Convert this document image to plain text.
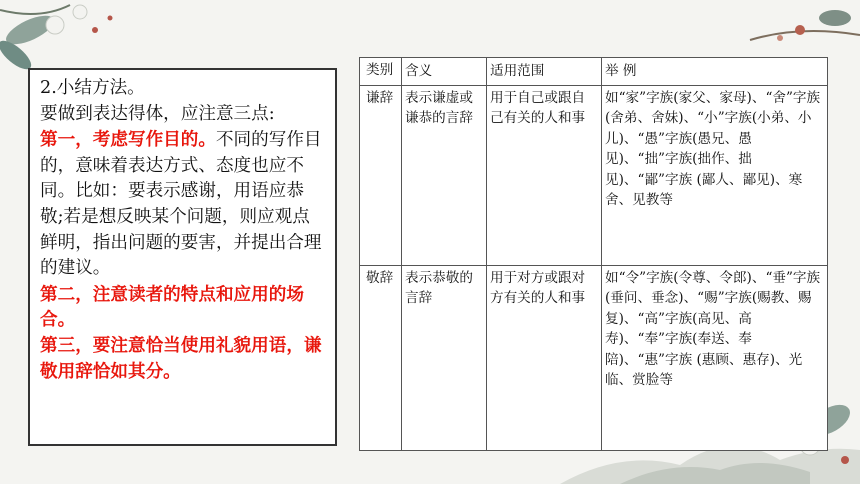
2.小结方法。

要做到表达得体，应注意三点:

第一，考虑写作目的。不同的写作目的，意味着表达方式、态度也应不同。比如：要表示感谢，用语应恭敬;若是想反映某个问题，则应观点鲜明，指出问题的要害，并提出合理的建议。

第二，注意读者的特点和应用的场合。

第三，要注意恰当使用礼貌用语，谦敬用辞恰如其分。

类别	含义	适用范围	举 例
谦辞	表示谦虚或谦恭的言辞	用于自己或跟自己有关的人和事	如“家”字族(家父、家母)、“舍”字族(舍弟、舍妹)、“小”字族(小弟、小儿)、“愚”字族(愚兄、愚见)、“拙”字族(拙作、拙见)、“鄙”字族 (鄙人、鄙见)、寒舍、见教等
敬辞	表示恭敬的言辞	用于对方或跟对方有关的人和事	如“令”字族(令尊、令郎)、“垂”字族(垂问、垂念)、“赐”字族(赐教、赐复)、“高”字族(高见、高寿)、“奉”字族(奉送、奉陪)、“惠”字族 (惠顾、惠存)、光临、赏脸等
